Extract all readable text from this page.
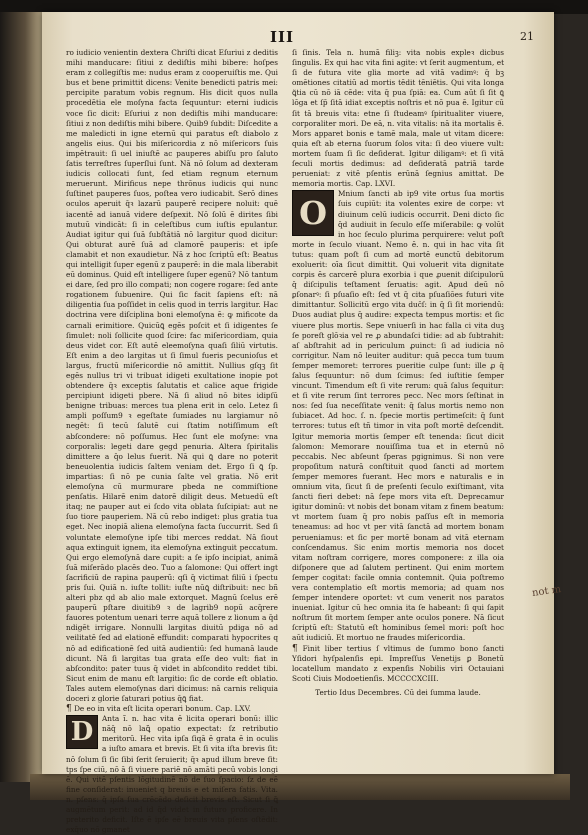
III	21

ro iudicio venientin dextera Chriſti dicat Eſuriui z deditis mihi manducare: ſitiui z dediſtis mihi bibere: hoſpes eram z collegiſtis me: nudus eram z cooperuiſtis me. Qui bus et bene primittit dicens: Venite benedicti patris mei: percipite paratum vobis regnum. His dicit quos nulla procedētia ele moſyna facta ſequuntur: eterni iudicis voce ſic dicit: Eſuriui z non dediſtis mihi manducare: ſitiui z non dediſtis mihi bibere. Quib9 ſubdit: Diſcedite a me maledicti in igne eternū qui paratus eſt diabolo z angelis eius. Qui bis miſericordia z nō miſericors ſuis impētrauit: ſi uel iniuſtē ac pauperes abiſſu pro ſaluto ſatis terreſtres ſuperſlui ſunt. Nā nō ſolum ad dexteram iudicis collocati ſunt, ſed etiam regnum eternum meruerunt. Mirificus nepe thrōnus iudicis qui nunc ſuſtinet pauperes ſuos, poſtea vero iudicabit. Serō dines oculos aperuit q̄ꝛ lazarū pauperē recipere noluit: quē iacentē ad ianuā videre deſpexit. Nō ſolū ē dirites ſibi mutuū vindicāt: ſi in celeſtibus cum iuſtis epulantur. Audiat igitur qui ſuā ſubſtātiā nō largitur quod dicitur: Qui obturat aurē ſuā ad clamorē pauperis: et ipſe clamabit et non exaudietur. Nā z hoc ſcriptū eſt: Beatus qui intelligit ſuper egenū z pauperē: in die mala liberabit eū dominus. Quid eſt intelligere ſuper egenū? Nō tantum ei dare, ſed pro illo compati; non cogere rogare: ſed ante rogationem ſubuenire. Qui ſic facit ſapiens eſt: nā diligentia ſua poſſidet in celis quod in terris largitur. Hac doctrina vere diſciplina boni elemoſyna ē: ꝙ mificote da carnali erimitiore. Quicūꝗ̄ egēs poſcit et ſi idigentes ſe ſimulet: noli ſollicite quod ſcire: fac miſericordiam, quia deus videt cor. Eſt autē eleemoſyna quaſi ſiliū virtutis. Eſt enim a deo largitas ut ſi ſimul fueris pecunioſus et largus, fructū miſericordie nō amittit. Nullius gſqꝫ ſit egēs nullus tri vi tribuat idigeti exultatione inopie pot obtendere q̄ꝛ exceptis ſalutatis et calice aque frigide percipiunt idigeti pbere. Nā ſi aliud nō bites idipſū benigne tribuas: merces tua plena erit in celo. Letez ſi ampli poſſum9 ꝛ egeſtate ſumiades nu largiamur nō negēt: ſi tecū ſalutē cui ſtatim notiſſimum eſt abſcondere: nō poſſumus. Hec ſunt ele moſyne: vna corporalis: legeti dare gegd penuria. Altera ſpiritalis dimittere a q̄o lelus fuerit. Nā qui ꝗ̄ dare no poterit beneuolentia iudicis ſaltem veniam det. Ergo ſi ꝗ̄ ſp. impartias: ſi nō pe cunia ſalte vel gratia. Nō erit elemoſyna cū murmurare pbeda ne commiſtione penſatis. Hilarē enim datorē diligit deus. Metuedū eſt itaq; ne pauper aut ei ſcdo vita oblata ſuſcipiat: aut ne ſuo tiore pauperiem. Nā cū rebo indiget: plus gratia tua eget. Nec inopiā aliena elemoſyna facta ſuccurrit. Sed ſi voluntate elemoſyne ipſe tibi merces reddat. Nā ſiout aqua extinguit ignem, ita elemoſyna extinguit peccatum. Qui ergo elemoſynā dare cupit: a ſe ipſo incipiat, animā ſuā miſerādo placēs deo. Tuo a ſalomone: Qui offert ingt ſacrificiū de rapina pauperū: qſi q̄ victimat filiū i ſpectu pris ſui. Quiā n. iuſte tollit: iuſte nūꝗ̄ diſtribuit: nec bñ alteri pbz qd ab alio male extorquet. Magnū ſcelus erē pauperū pſtare diuitib9 ꝛ de lagrib9 nopū acq̄rere fauores potentum uenari terre aquā tollere z lionum a q̄d ndigēt irrigare. Nonnulli largitas diuitū pdiga nō ad veilitatē ſed ad elationē effundit: comparati hypocrites q nō ad edificationē ſed uitā audientiū: ſed humanā laude dicunt. Nā ſi largitas tua grata eſſe deo vult: fiat in abſcondito: pater tuus q̄ videt in abſcondito reddet tibi. Sicut enim de manu eſt largitio: ſic de corde eſt oblatio. Tales autem elemoſynas dari dicimus: nā carnis reliquia doceri z glorie ſaturari potius q̄ꝗ̄ fiat.

¶ De eo in vita eſt licita operari bonum. Cap. LXV.

D	Anta ĩ. n. hac vita ē licita operari bonū: illic nāq̄ nō laꝗ̃ opatio expectat: ſz retributio meritorū. Hec vita ipſa ſiqā ē grata ē in oculis a iuſto amara et brevis. Et ſi vita iſta brevis ſit: nō ſolum ſi ſic ſibi ſerit ſeruierit; q̄ꝛ apud illum breve ſit: tps ſpe ciū, nō ā ſi viuere pariē nō amāti pecū vobis longi ē. Qui vitē pſentis lōgitudinē nō de ſuo ſpacio: ſz de eē fine conſiderat: inueniet q breuis e et miſera fatis. Vita. n. pſens: q̄ ipſa ſua crēcēdo deſicit brevis eſt. Sicut ſi ꝗ̄ augmētum perit: ad id q̄d videt in futuro proficere. In preterito deficit. Iſte ē ipſe eē breuis vita pſens oſtēdit: exq̄uo nō gmanet

ſi ſinis. Tela n. humā filiꝫ: vita nobis expleꝛ dicbus ſingulis. Ex qui hac vita fini agite: vt ſerit augmentum, et ſi de futura vite glia morte ad vitā vadimꝰ: q̄ bꝫ omētiones citatiū ad mortis tēdit tēniētis. Qui vita longa ꝗ̃tia cū nō iā cēde: vita q̄ pua ſpiā: ea. Cum aūt ſi ſit ꝗ̄ lōga et ſp̄ ſitā idiat exceptis noſtris et nō pua ē. Igitur cū ſit tā breuis vita: etne ſi ſtudeamꝰ ſpiritualiter viuere, corporaliter mori. De eā, n. vita vitalis: nā ita mortalis ē. Mors apparet bonis e tamē mala, male ut vitam dicere: quia eſt ab eterna ſuorum ſolos vita: ſi deo viuere vult: mortem ſuam ſi ſic deſiderat. Igitur diligamꝰ: et ſi vitā ſeculi mortis dedimus: ad deſideratā patriā tarde perueniat: z vitē pſentis erūnā ſegnius amittat. De memoria mortis. Cap. LXVI.

O
Mnium ſancti ab ip9 vite ortus ſua mortis ſuis cupiūt: ita volentes exire de corpe: vt diuinum celū iudicis occurrit. Deni dicto ſic q̄d audiuit in ſeculo eſſe miſerabile: ꝙ volūt in hoc ſeculo plurima perquirere: velut poſt morte in ſeculo viuant. Nemo ē. n. qui in hac vita ſit tutus: quam poſt ſi cum ad mortē eunctū debitorum exoluerit: oīa ſicut dimittit. Qui voluerit vita dignitate corpis ēs carcerē plura exorbia i que ꝓuenit diſcipulorū q̄ diſcipulis teſtament ſeruatis: agit. Apud deū nō ꝑſonarꝰ: ſi pſuaſio eſt: ſed vt q̄ cita pſuaſiōes futuri vite dimittantur. Sollicitū ergo vita duc̄ſ: in q̄ ſi ſit moriendū: Duos audiat plus q̄ audire: expecta tempus mortis: et ſic viuere plus mortis. Sepe vniuerſi in hac falla ci vita duꝫ ſe poreſt glōꝛia vel re ꝓ abundaſci tidie: ad ab ſubtrahit: aſ abſtrahit ad in periculum ꝓuinct: ſi ad iudicia nō corrigitur. Nam nō leuiter auditur: quā pecca tum tuum ſemper memoret: terrores pueritie culpe ſunt: ille ꝓ q̄ ſalus ſequuntur: nō dum ſcimus: ſed iuſtitie ſemper vincunt. Timendum eſt ſi vite rerum: quā ſalus ſequitur: et ſi vite rerum ſint terrores pecc. Nec mors ſeſtinat in nos: ſed ſua neceſſitate venit: q̄ ſalus mortis nemo non ſubiacet. Ad hoc. ſ. n. ſpecie mortis pertimeſcit: q̄ ſunt terrores: tutus eſt tñ timor in vita poſt mortē deſcendit. Igitur memoria mortis ſemper eſt tenenda: ſicut dicit ſalomon: Memorare nouiſſima tua et in eternū nō peccabis. Nec abſeunt ſperas pgignimus. Si non vere propoſitum naturā conſtituit quod ſancti ad mortem ſemper memores fuerant. Hec mors e naturalis e in omnium vita, ſicut ſi de preſenti ſeculo exiſtimant, vita ſancti fieri debet: nā ſepe mors vita eſt. Deprecamur igitur dominū: vt nobis det bonam vitam z finem beatum: vt mortem ſuam q̄ pro nobis paſſus eſt in memoria teneamus: ad hoc vt per vitā ſanctā ad mortem bonam perueniamus: et ſic per mortē bonam ad vitā eternam conſcendamus. Sic enim mortis memoria nos docet vitam noſtram corrigere, mores componere: z illa oia diſponere que ad ſalutem pertinent. Qui enim mortem ſemper cogitat: facile omnia contemnit. Quia poſtremo vera contemplatio eſt mortis memoria; ad quam nos ſemper intendere oportet: vt cum venerit nos paratos inueniat. Igitur cū hec omnia ita ſe habeant: ſi qui ſapit noſtrum ſit mortem ſemper ante oculos ponere. Nā ſicut ſcriptū eſt: Statutū eſt hominibus ſemel mori: poſt hoc aūt iudiciū. Et mortuo ne fraudes miſericordia.

¶ Finit liber tertius ſ vltimus de ſummo bono ſancti Yſidori hyſpalenſis epi. Impreſſus Venetijs ꝑ Bonetū locatellum mandato z expenſis Nobilis viri Octauiani Scoti Ciuis Modoetienſis. MCCCCXCIII.

Tertio Idus Decembres. Cū dei ſumma laude.

not m
